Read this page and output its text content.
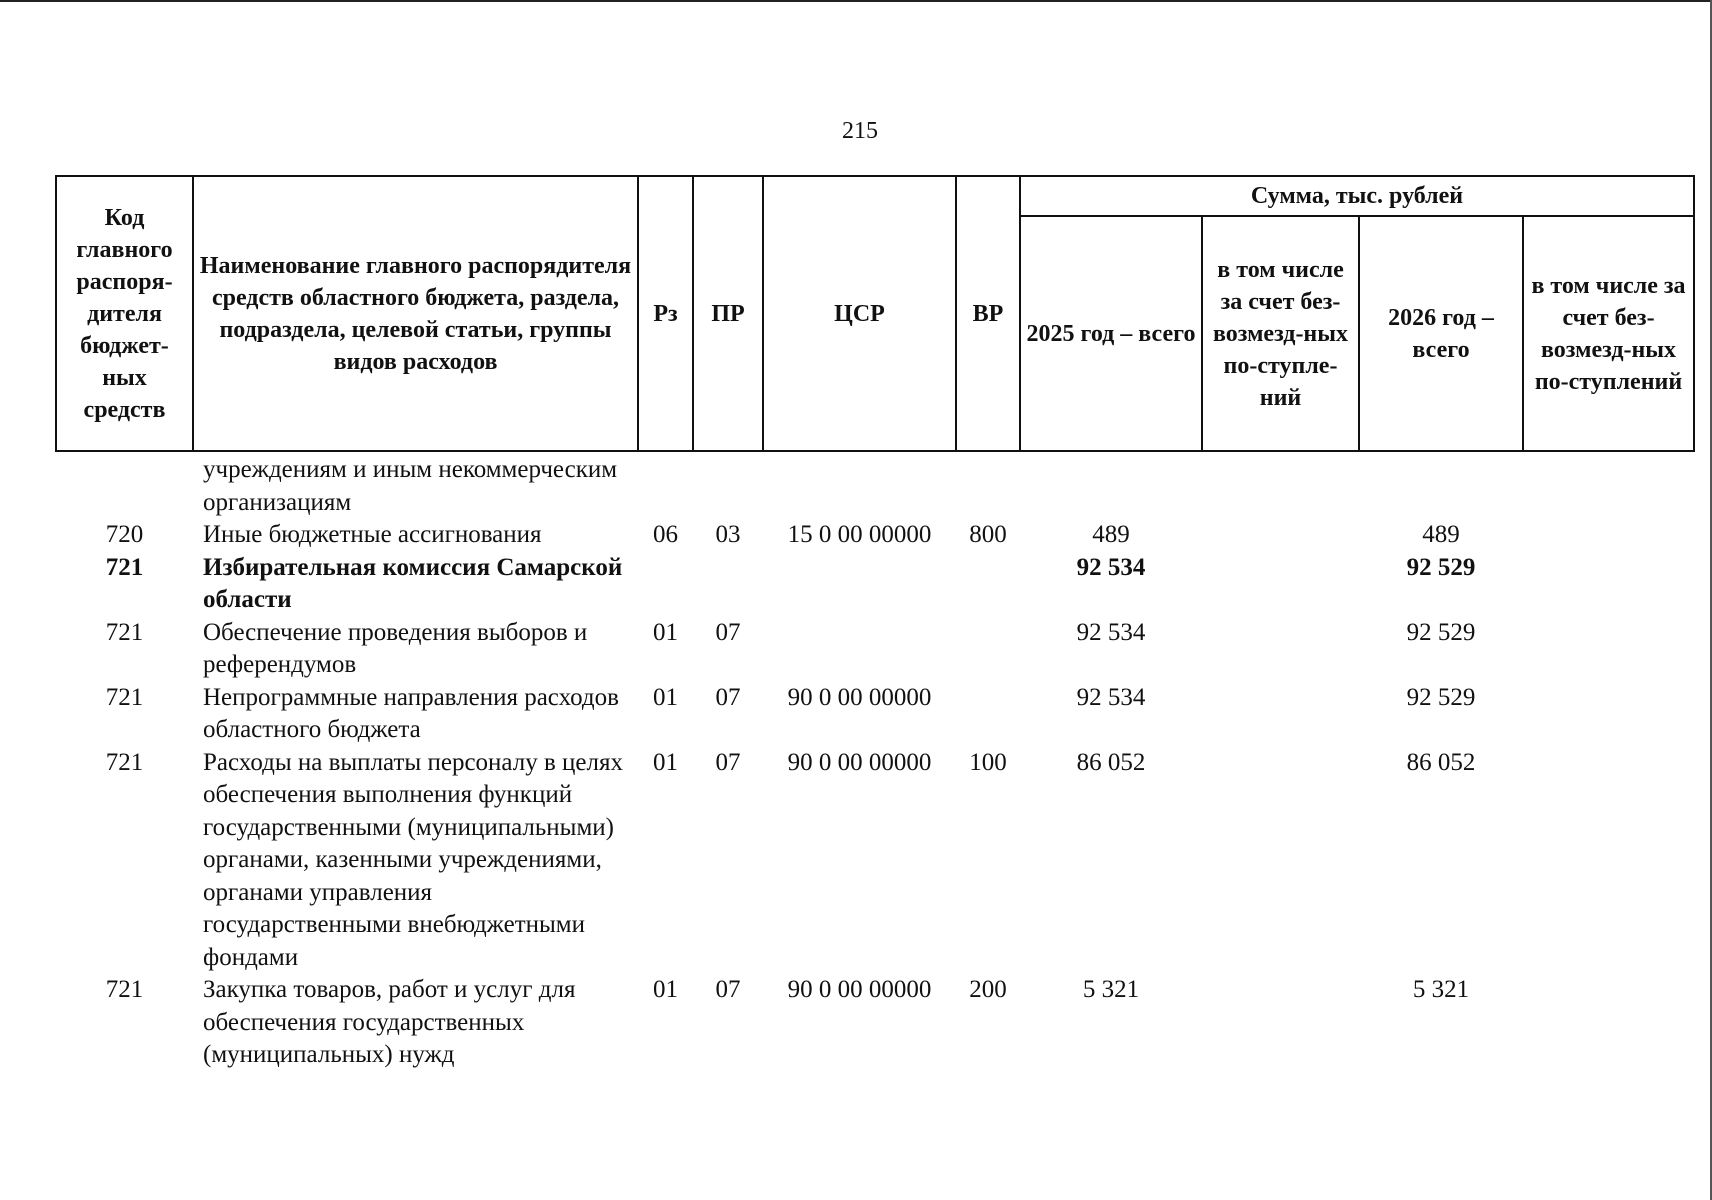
215
Код главного распоря-дителя бюджет-ных средств	Наименование главного распорядителя средств областного бюджета, раздела, подраздела, целевой статьи, группы видов расходов	Рз	ПР	ЦСР	ВР	Сумма, тыс. рублей			
						2025 год – всего	в том числе за счет без-возмезд-ных по-ступле-ний	2026 год – всего	в том числе за счет без-возмезд-ных по-ступлений
	учреждениям и иным некоммерческим организациям								
720	Иные бюджетные ассигнования	06	03	15 0 00 00000	800	489		489	
721	Избирательная комиссия Самарской области					92 534		92 529	
721	Обеспечение проведения выборов и референдумов	01	07			92 534		92 529	
721	Непрограммные направления расходов областного бюджета	01	07	90 0 00 00000		92 534		92 529	
721	Расходы на выплаты персоналу в целях обеспечения выполнения функций государственными (муниципальными) органами, казенными учреждениями, органами управления государственными внебюджетными фондами	01	07	90 0 00 00000	100	86 052		86 052	
721	Закупка товаров, работ и услуг для обеспечения государственных (муниципальных) нужд	01	07	90 0 00 00000	200	5 321		5 321	
